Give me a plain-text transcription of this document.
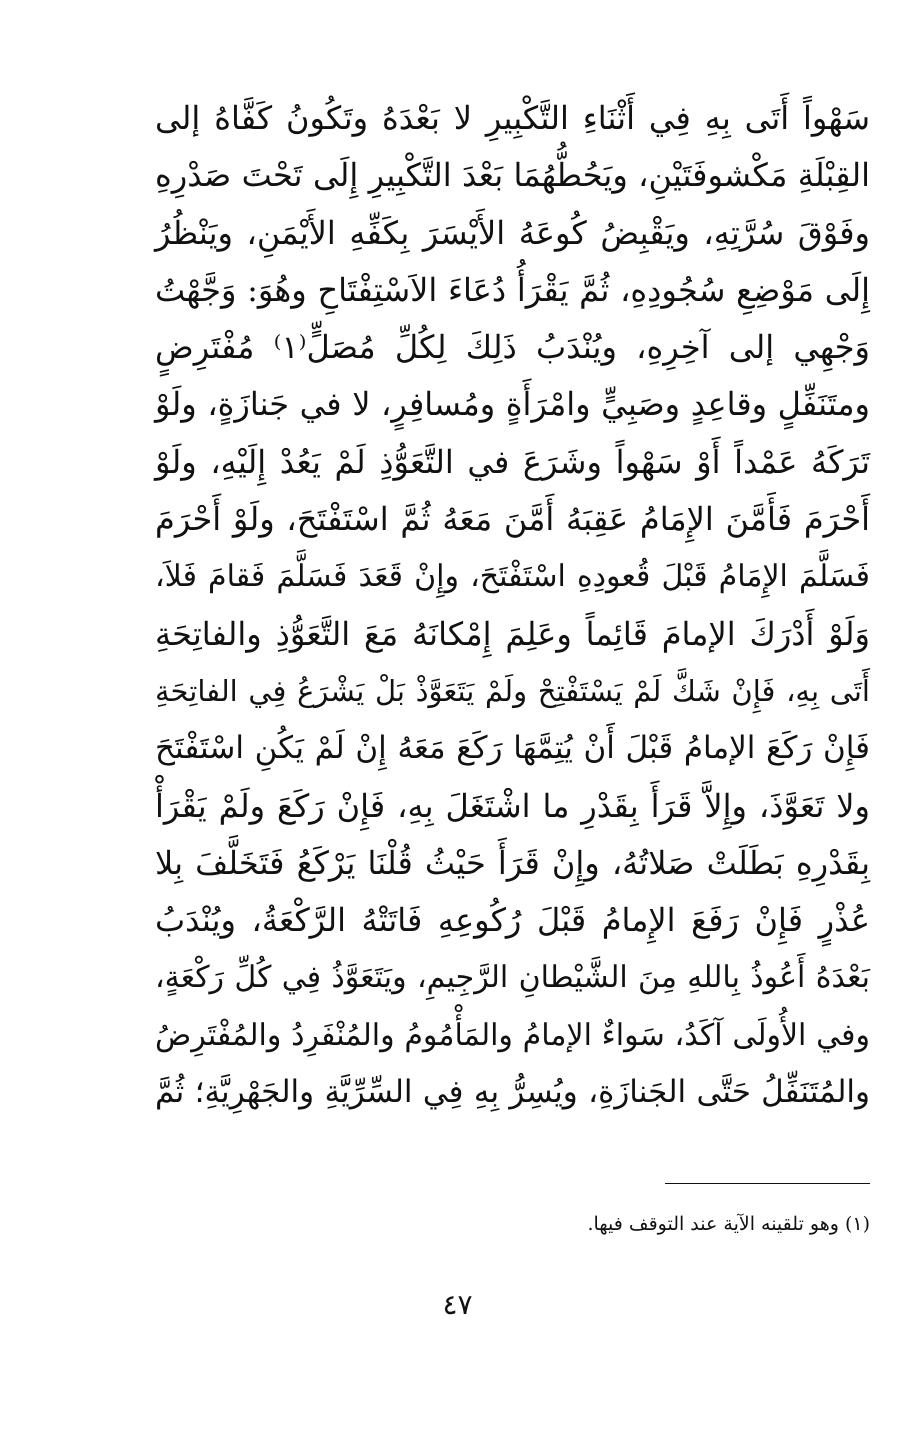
سَهْواً أَتَى بِهِ فِي أَثْنَاءِ التَّكْبِيرِ لا بَعْدَهُ وتَكُونُ كَفَّاهُ إلى
القِبْلَةِ مَكْشوفَتَيْنِ، ويَحُطُّهُمَا بَعْدَ التَّكْبِيرِ إِلَى تَحْتَ صَدْرِهِ
وفَوْقَ سُرَّتِهِ، ويَقْبِضُ كُوعَهُ الأَيْسَرَ بِكَفِّهِ الأَيْمَنِ، ويَنْظُرُ
إِلَى مَوْضِعِ سُجُودِهِ، ثُمَّ يَقْرَأُ دُعَاءَ الاَسْتِفْتَاحِ وهُوَ: وَجَّهْتُ
وَجْهِي إلى آخِرِهِ، ويُنْدَبُ ذَلِكَ لِكُلِّ مُصَلٍّ⁽١⁾ مُفْتَرِضٍ
ومتَنَفِّلٍ وقاعِدٍ وصَبِيٍّ وامْرَأَةٍ ومُسافِرٍ، لا في جَنازَةٍ، ولَوْ
تَرَكَهُ عَمْداً أَوْ سَهْواً وشَرَعَ في التَّعَوُّذِ لَمْ يَعُدْ إِلَيْهِ، ولَوْ
أَحْرَمَ فَأَمَّنَ الإِمَامُ عَقِبَهُ أَمَّنَ مَعَهُ ثُمَّ اسْتَفْتَحَ، ولَوْ أَحْرَمَ
فَسَلَّمَ الإِمَامُ قَبْلَ قُعودِهِ اسْتَفْتَحَ، وإِنْ قَعَدَ فَسَلَّمَ فَقامَ فَلاَ،
وَلَوْ أَدْرَكَ الإمامَ قَائِماً وعَلِمَ إِمْكانَهُ مَعَ التَّعَوُّذِ والفاتِحَةِ
أَتَى بِهِ، فَإِنْ شَكَّ لَمْ يَسْتَفْتِحْ ولَمْ يَتَعَوَّذْ بَلْ يَشْرَعُ فِي الفاتِحَةِ
فَإِنْ رَكَعَ الإمامُ قَبْلَ أَنْ يُتِمَّهَا رَكَعَ مَعَهُ إِنْ لَمْ يَكُنِ اسْتَفْتَحَ
ولا تَعَوَّذَ، وإِلاَّ قَرَأَ بِقَدْرِ ما اشْتَغَلَ بِهِ، فَإِنْ رَكَعَ ولَمْ يَقْرَأْ
بِقَدْرِهِ بَطَلَتْ صَلاتُهُ، وإِنْ قَرَأَ حَيْثُ قُلْنَا يَرْكَعُ فَتَخَلَّفَ بِلا
عُذْرٍ فَإِنْ رَفَعَ الإِمامُ قَبْلَ رُكُوعِهِ فَاتَتْهُ الرَّكْعَةُ، ويُنْدَبُ
بَعْدَهُ أَعُوذُ بِاللهِ مِنَ الشَّيْطانِ الرَّجِيمِ، ويَتَعَوَّذُ فِي كُلِّ رَكْعَةٍ،
وفي الأُولَى آكَدُ، سَواءٌ الإمامُ والمَأْمُومُ والمُنْفَرِدُ والمُفْتَرِضُ
والمُتَنَفِّلُ حَتَّى الجَنازَةِ، ويُسِرُّ بِهِ فِي السِّرِّيَّةِ والجَهْرِيَّةِ؛ ثُمَّ
(١) وهو تلقينه الآية عند التوقف فيها.
٤٧
